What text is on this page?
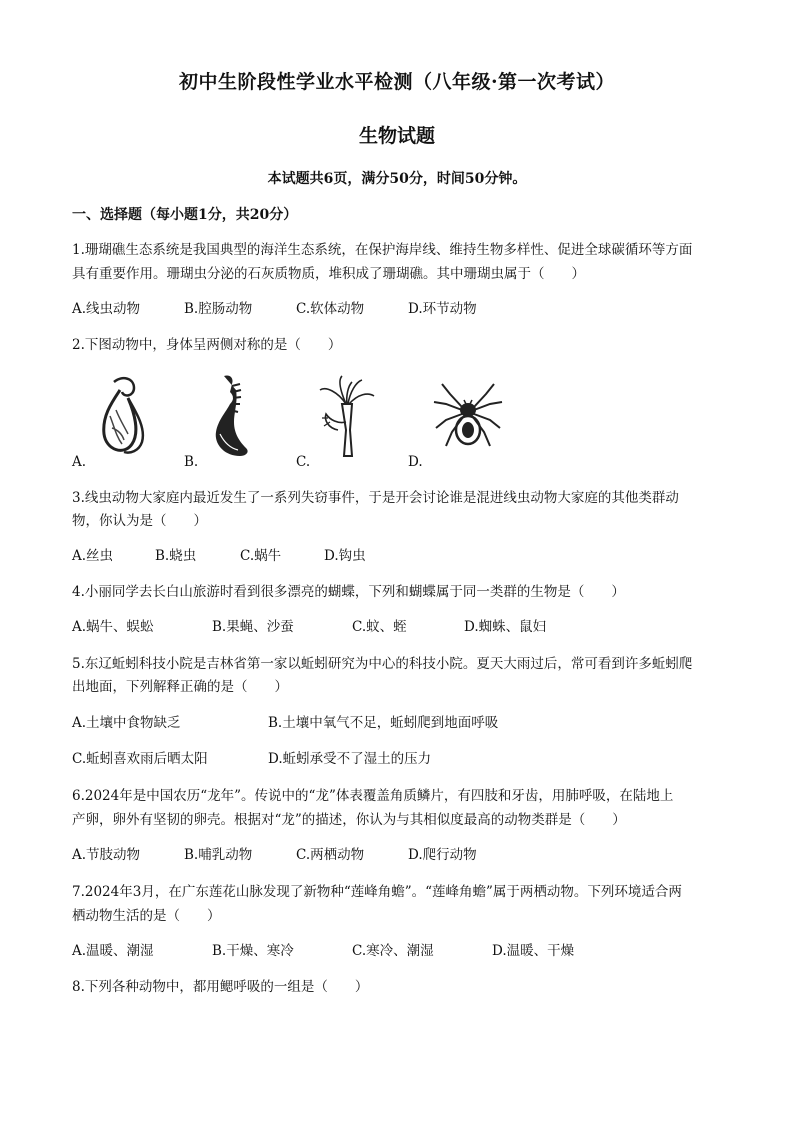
初中生阶段性学业水平检测（八年级·第一次考试）
生物试题
本试题共6页，满分50分，时间50分钟。
一、选择题（每小题1分，共20分）
1.珊瑚礁生态系统是我国典型的海洋生态系统，在保护海岸线、维持生物多样性、促进全球碳循环等方面
具有重要作用。珊瑚虫分泌的石灰质物质，堆积成了珊瑚礁。其中珊瑚虫属于（　　）
A.线虫动物	B.腔肠动物	C.软体动物	D.环节动物
2.下图动物中，身体呈两侧对称的是（　　）
A.	B.	C.	D.
3.线虫动物大家庭内最近发生了一系列失窃事件，于是开会讨论谁是混进线虫动物大家庭的其他类群动
物，你认为是（　　）
A.丝虫	B.蛲虫	C.蜗牛	D.钩虫
4.小丽同学去长白山旅游时看到很多漂亮的蝴蝶，下列和蝴蝶属于同一类群的生物是（　　）
A.蜗牛、蜈蚣	B.果蝇、沙蚕	C.蚊、蛭	D.蜘蛛、鼠妇
5.东辽蚯蚓科技小院是吉林省第一家以蚯蚓研究为中心的科技小院。夏天大雨过后，常可看到许多蚯蚓爬
出地面，下列解释正确的是（　　）
A.土壤中食物缺乏	B.土壤中氧气不足，蚯蚓爬到地面呼吸
C.蚯蚓喜欢雨后晒太阳	D.蚯蚓承受不了湿土的压力
6.2024年是中国农历“龙年”。传说中的“龙”体表覆盖角质鳞片，有四肢和牙齿，用肺呼吸，在陆地上
产卵，卵外有坚韧的卵壳。根据对“龙”的描述，你认为与其相似度最高的动物类群是（　　）
A.节肢动物	B.哺乳动物	C.两栖动物	D.爬行动物
7.2024年3月，在广东莲花山脉发现了新物种“莲峰角蟾”。“莲峰角蟾”属于两栖动物。下列环境适合两
栖动物生活的是（　　）
A.温暖、潮湿	B.干燥、寒冷	C.寒冷、潮湿	D.温暖、干燥
8.下列各种动物中，都用鳃呼吸的一组是（　　）
